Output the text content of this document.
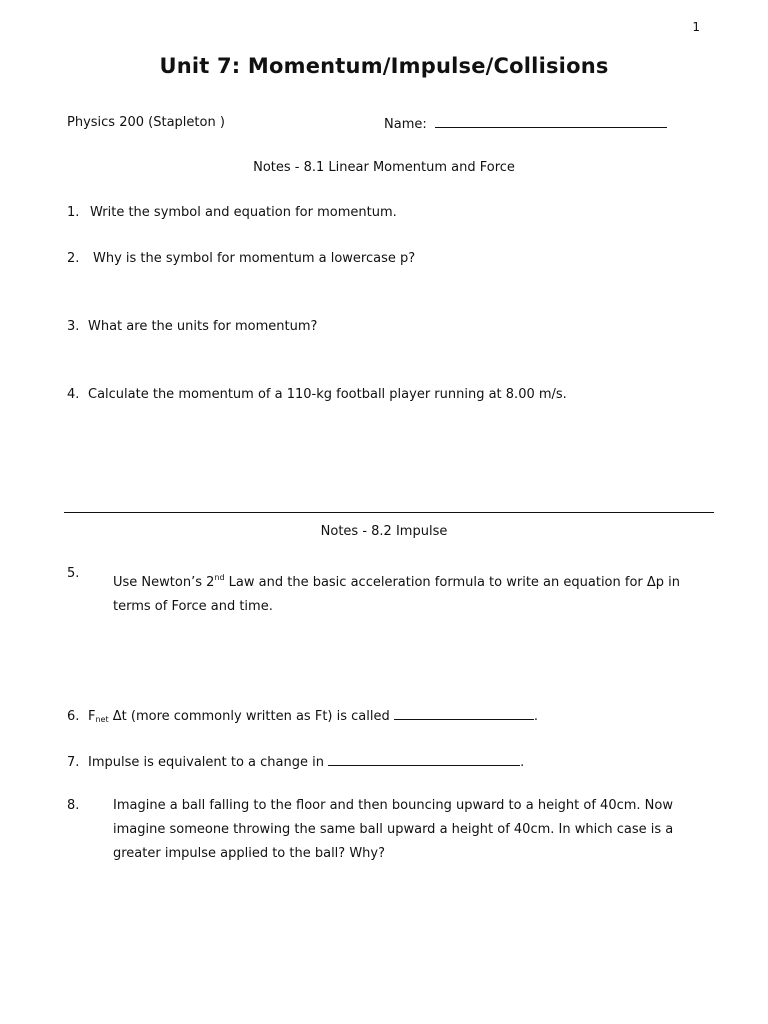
1
Unit 7: Momentum/Impulse/Collisions
Physics 200 (Stapleton )	Name:
Notes - 8.1 Linear Momentum and Force
1. Write the symbol and equation for momentum.
2. Why is the symbol for momentum a lowercase p?
3. What are the units for momentum?
4. Calculate the momentum of a 110-kg football player running at 8.00 m/s.
Notes - 8.2 Impulse
5.
Use Newton’s 2nd Law and the basic acceleration formula to write an equation for Δp in terms of Force and time.
6. $F_{net}$ Δt (more commonly written as Ft) is called	.
7. Impulse is equivalent to a change in	.
8.	Imagine a ball falling to the floor and then bouncing upward to a height of 40cm. Now imagine someone throwing the same ball upward a height of 40cm. In which case is a greater impulse applied to the ball? Why?
